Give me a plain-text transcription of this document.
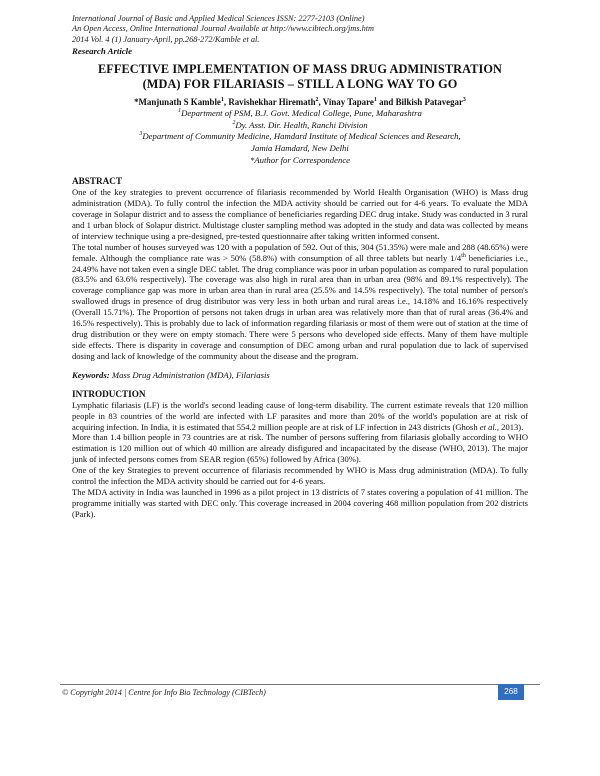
International Journal of Basic and Applied Medical Sciences ISSN: 2277-2103 (Online)
An Open Access, Online International Journal Available at http://www.cibtech.org/jms.htm
2014 Vol. 4 (1) January-April, pp.268-272/Kamble et al.
Research Article
EFFECTIVE IMPLEMENTATION OF MASS DRUG ADMINISTRATION
(MDA) FOR FILARIASIS – STILL A LONG WAY TO GO
*Manjunath S Kamble$^1$, Ravishekhar Hiremath$^2$, Vinay Tapare$^1$ and Bilkish Patavegar$^3$
$^1$Department of PSM, B.J. Govt. Medical College, Pune, Maharashtra
$^2$Dy. Asst. Dir. Health, Ranchi Division
$^3$Department of Community Medicine, Hamdard Institute of Medical Sciences and Research,
Jamia Hamdard, New Delhi
*Author for Correspondence
ABSTRACT

One of the key strategies to prevent occurrence of filariasis recommended by World Health Organisation (WHO) is Mass drug administration (MDA). To fully control the infection the MDA activity should be carried out for 4-6 years. To evaluate the MDA coverage in Solapur district and to assess the compliance of beneficiaries regarding DEC drug intake. Study was conducted in 3 rural and 1 urban block of Solapur district. Multistage cluster sampling method was adopted in the study and data was collected by means of interview technique using a pre-designed, pre-tested questionnaire after taking written informed consent.

The total number of houses surveyed was 120 with a population of 592. Out of this, 304 (51.35%) were male and 288 (48.65%) were female. Although the compliance rate was > 50% (58.8%) with consumption of all three tablets but nearly 1/4th beneficiaries i.e., 24.49% have not taken even a single DEC tablet. The drug compliance was poor in urban population as compared to rural population (83.5% and 63.6% respectively). The coverage was also high in rural area than in urban area (98% and 89.1% respectively). The coverage compliance gap was more in urban area than in rural area (25.5% and 14.5% respectively). The total number of person's swallowed drugs in presence of drug distributor was very less in both urban and rural areas i.e., 14.18% and 16.16% respectively (Overall 15.71%). The Proportion of persons not taken drugs in urban area was relatively more than that of rural areas (36.4% and 16.5% respectively). This is probably due to lack of information regarding filariasis or most of them were out of station at the time of drug distribution or they were on empty stomach. There were 5 persons who developed side effects. Many of them have multiple side effects. There is disparity in coverage and consumption of DEC among urban and rural population due to lack of supervised dosing and lack of knowledge of the community about the disease and the program.

Keywords: Mass Drug Administration (MDA), Filariasis
INTRODUCTION

Lymphatic filariasis (LF) is the world's second leading cause of long-term disability. The current estimate reveals that 120 million people in 83 countries of the world are infected with LF parasites and more than 20% of the world's population are at risk of acquiring infection. In India, it is estimated that 554.2 million people are at risk of LF infection in 243 districts (Ghosh et al., 2013).

More than 1.4 billion people in 73 countries are at risk. The number of persons suffering from filariasis globally according to WHO estimation is 120 million out of which 40 million are already disfigured and incapacitated by the disease (WHO, 2013). The major junk of infected persons comes from SEAR region (65%) followed by Africa (30%).

One of the key Strategies to prevent occurrence of filariasis recommended by WHO is Mass drug administration (MDA). To fully control the infection the MDA activity should be carried out for 4-6 years.

The MDA activity in India was launched in 1996 as a pilot project in 13 districts of 7 states covering a population of 41 million. The programme initially was started with DEC only. This coverage increased in 2004 covering 468 million population from 202 districts (Park).

© Copyright 2014 | Centre for Info Bio Technology (CIBTech)	268
